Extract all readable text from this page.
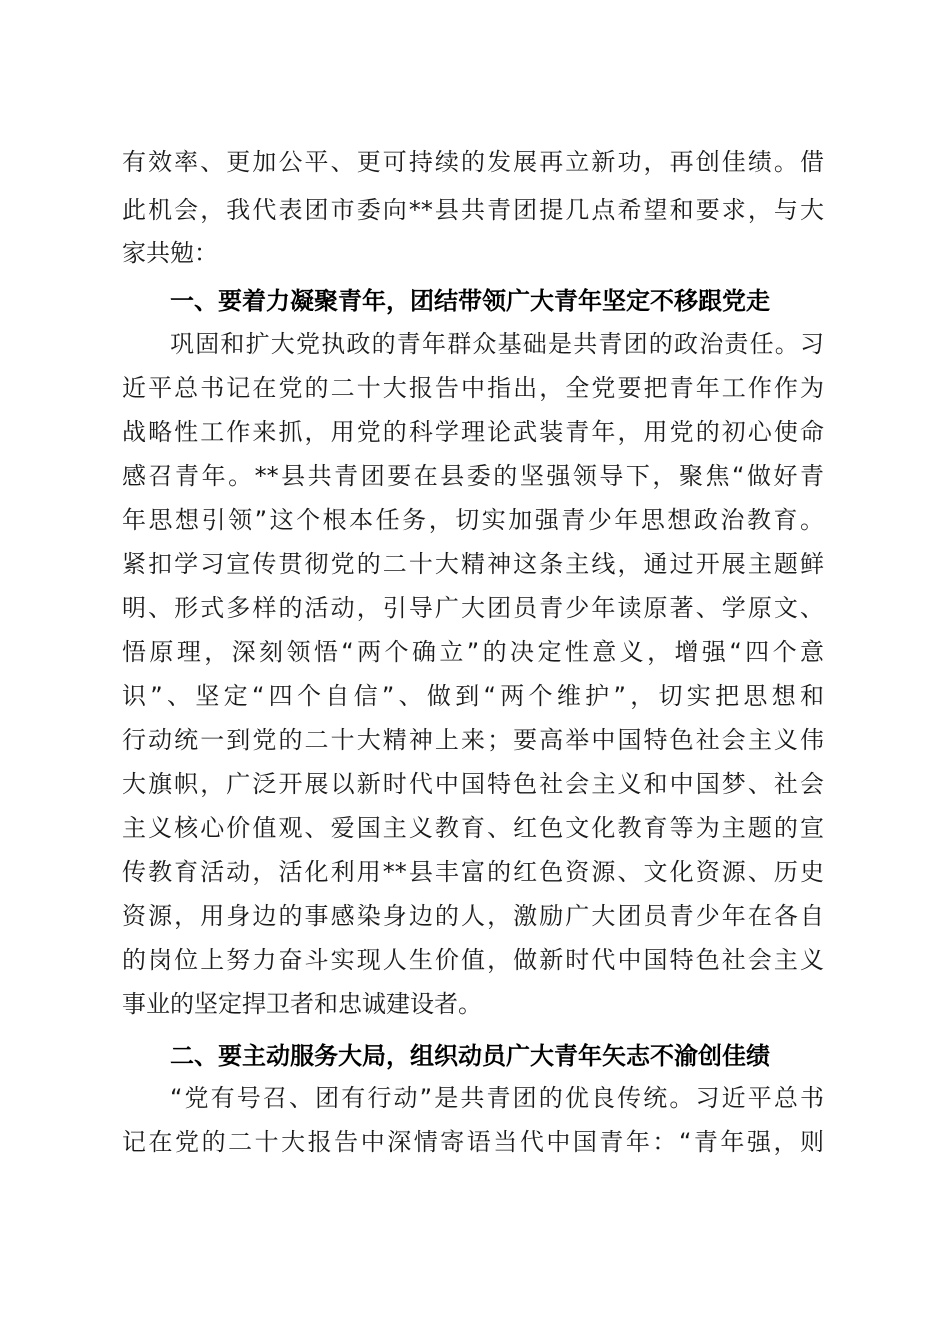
有效率、更加公平、更可持续的发展再立新功，再创佳绩。借
此机会，我代表团市委向**县共青团提几点希望和要求，与大
家共勉：
一、要着力凝聚青年，团结带领广大青年坚定不移跟党走
巩固和扩大党执政的青年群众基础是共青团的政治责任。习
近平总书记在党的二十大报告中指出，全党要把青年工作作为
战略性工作来抓，用党的科学理论武装青年，用党的初心使命
感召青年。**县共青团要在县委的坚强领导下，聚焦“做好青
年思想引领”这个根本任务，切实加强青少年思想政治教育。
紧扣学习宣传贯彻党的二十大精神这条主线，通过开展主题鲜
明、形式多样的活动，引导广大团员青少年读原著、学原文、
悟原理，深刻领悟“两个确立”的决定性意义，增强“四个意
识”、坚定“四个自信”、做到“两个维护”，切实把思想和
行动统一到党的二十大精神上来；要高举中国特色社会主义伟
大旗帜，广泛开展以新时代中国特色社会主义和中国梦、社会
主义核心价值观、爱国主义教育、红色文化教育等为主题的宣
传教育活动，活化利用**县丰富的红色资源、文化资源、历史
资源，用身边的事感染身边的人，激励广大团员青少年在各自
的岗位上努力奋斗实现人生价值，做新时代中国特色社会主义
事业的坚定捍卫者和忠诚建设者。
二、要主动服务大局，组织动员广大青年矢志不渝创佳绩
“党有号召、团有行动”是共青团的优良传统。习近平总书
记在党的二十大报告中深情寄语当代中国青年：“青年强，则
